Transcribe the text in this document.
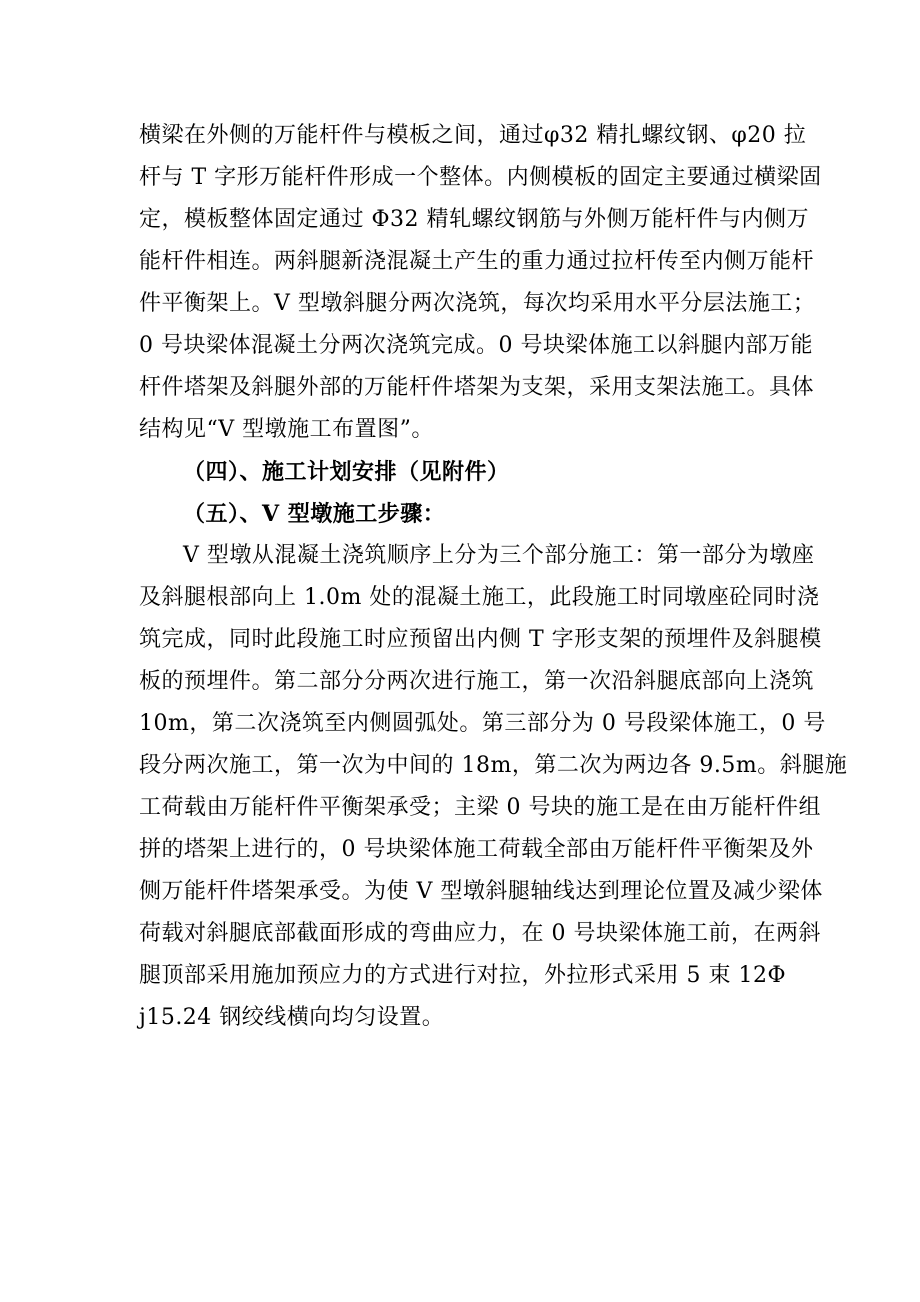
横梁在外侧的万能杆件与模板之间，通过φ32 精扎螺纹钢、φ20 拉
杆与 T 字形万能杆件形成一个整体。内侧模板的固定主要通过横梁固
定，模板整体固定通过 Φ32 精轧螺纹钢筋与外侧万能杆件与内侧万
能杆件相连。两斜腿新浇混凝土产生的重力通过拉杆传至内侧万能杆
件平衡架上。V 型墩斜腿分两次浇筑，每次均采用水平分层法施工；
0 号块梁体混凝土分两次浇筑完成。0 号块梁体施工以斜腿内部万能
杆件塔架及斜腿外部的万能杆件塔架为支架，采用支架法施工。具体
结构见“V 型墩施工布置图”。
（四）、施工计划安排（见附件）
（五）、V 型墩施工步骤：
V 型墩从混凝土浇筑顺序上分为三个部分施工：第一部分为墩座
及斜腿根部向上 1.0m 处的混凝土施工，此段施工时同墩座砼同时浇
筑完成，同时此段施工时应预留出内侧 T 字形支架的预埋件及斜腿模
板的预埋件。第二部分分两次进行施工，第一次沿斜腿底部向上浇筑
10m，第二次浇筑至内侧圆弧处。第三部分为 0 号段梁体施工，0 号
段分两次施工，第一次为中间的 18m，第二次为两边各 9.5m。斜腿施
工荷载由万能杆件平衡架承受；主梁 0 号块的施工是在由万能杆件组
拼的塔架上进行的，0 号块梁体施工荷载全部由万能杆件平衡架及外
侧万能杆件塔架承受。为使 V 型墩斜腿轴线达到理论位置及减少梁体
荷载对斜腿底部截面形成的弯曲应力，在 0 号块梁体施工前，在两斜
腿顶部采用施加预应力的方式进行对拉，外拉形式采用 5 束 12Φ
j15.24 钢绞线横向均匀设置。
